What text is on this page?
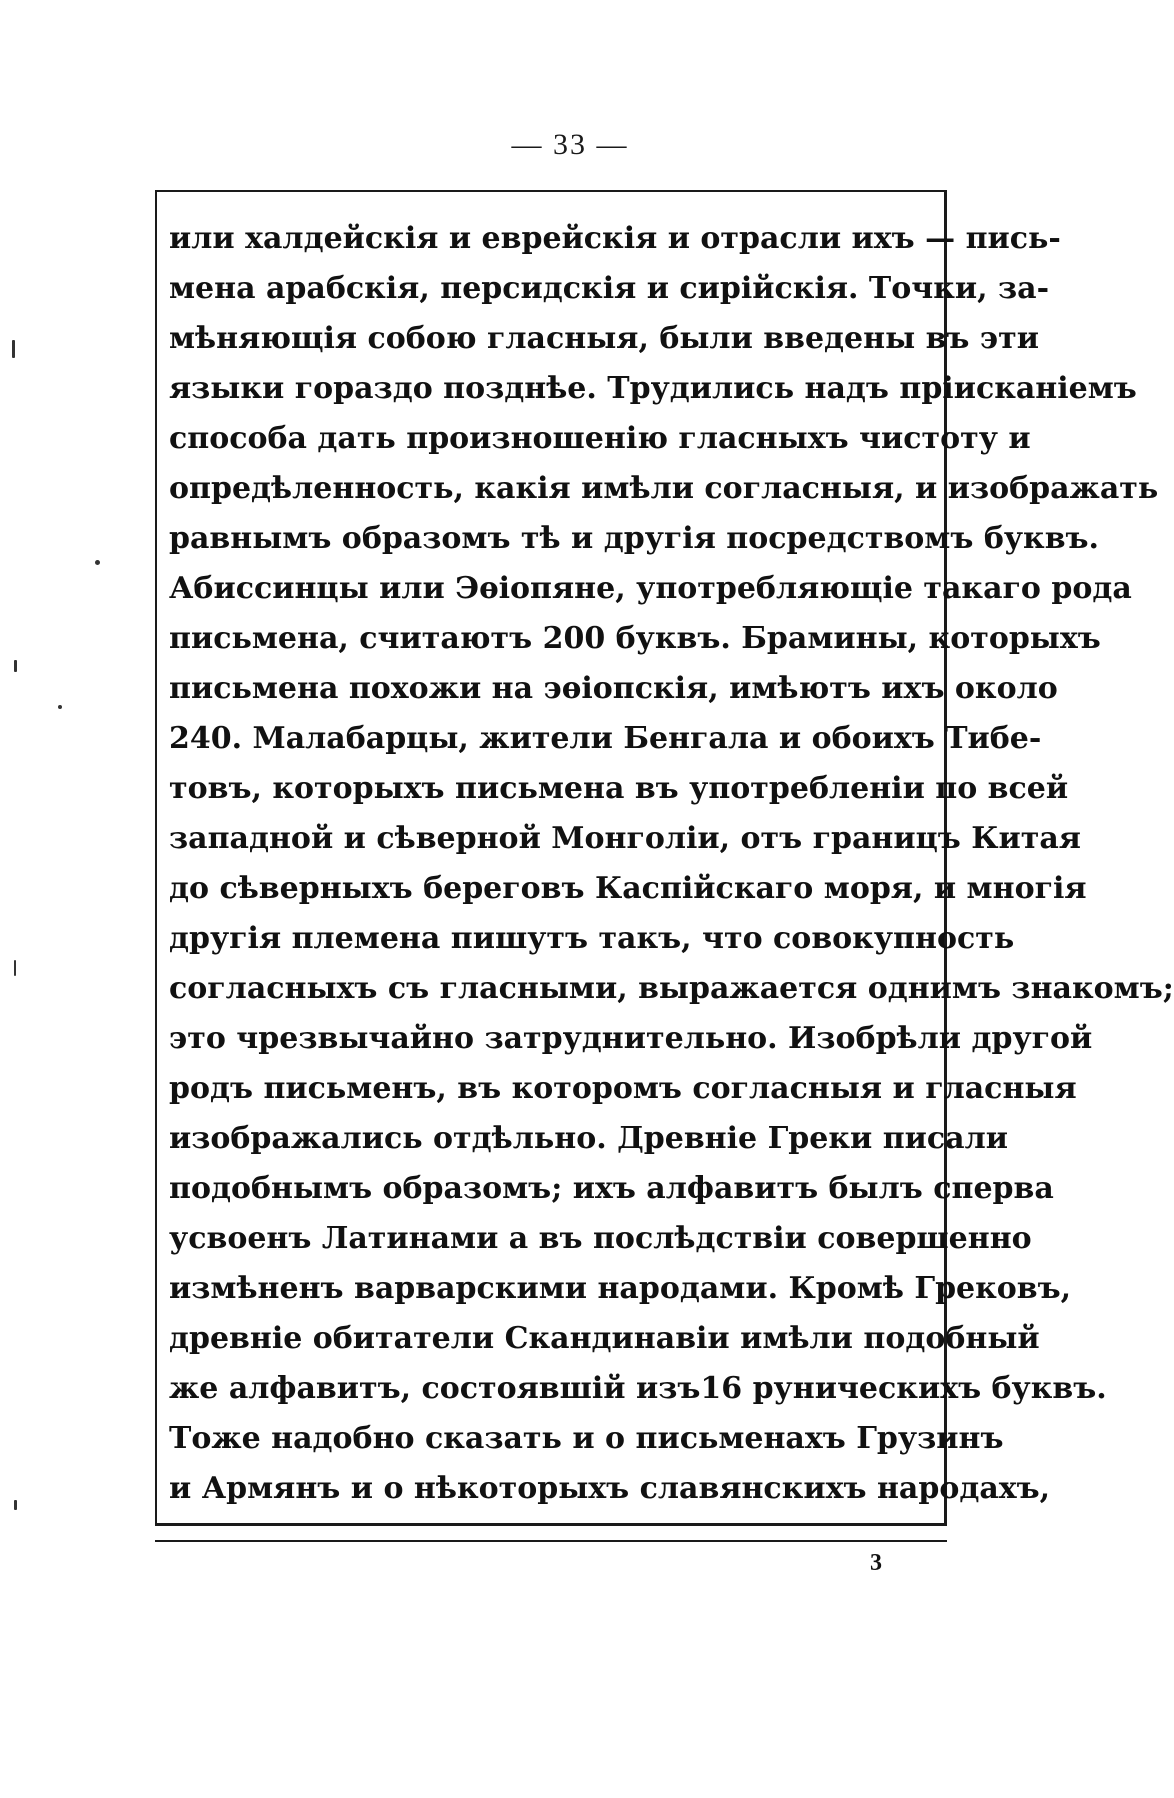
— 33 —
или халдейскія и еврейскія и отрасли ихъ — пись-
мена арабскія, персидскія и сирійскія. Точки, за-
мѣняющія собою гласныя, были введены въ эти
языки гораздо позднѣе. Трудились надъ пріисканіемъ
способа дать произношенію гласныхъ чистоту и
опредѣленность, какія имѣли согласныя, и изображать
равнымъ образомъ тѣ и другія посредствомъ буквъ.
Абиссинцы или Эѳіопяне, употребляющіе такаго рода
письмена, считаютъ 200 буквъ. Брамины, которыхъ
письмена похожи на эѳіопскія, имѣютъ ихъ около
240. Малабарцы, жители Бенгала и обоихъ Тибе-
товъ, которыхъ письмена въ употребленіи по всей
западной и сѣверной Монголіи, отъ границъ Китая
до сѣверныхъ береговъ Каспійскаго моря, и многія
другія племена пишутъ такъ, что совокупность
согласныхъ съ гласными, выражается однимъ знакомъ;
это чрезвычайно затруднительно. Изобрѣли другой
родъ письменъ, въ которомъ согласныя и гласныя
изображались отдѣльно. Древніе Греки писали
подобнымъ образомъ; ихъ алфавитъ былъ сперва
усвоенъ Латинами а въ послѣдствіи совершенно
измѣненъ варварскими народами. Кромѣ Грековъ,
древніе обитатели Скандинавіи имѣли подобный
же алфавитъ, состоявшій изъ16 руническихъ буквъ.
Тоже надобно сказать и о письменахъ Грузинъ
и Армянъ и о нѣкоторыхъ славянскихъ народахъ,
3
